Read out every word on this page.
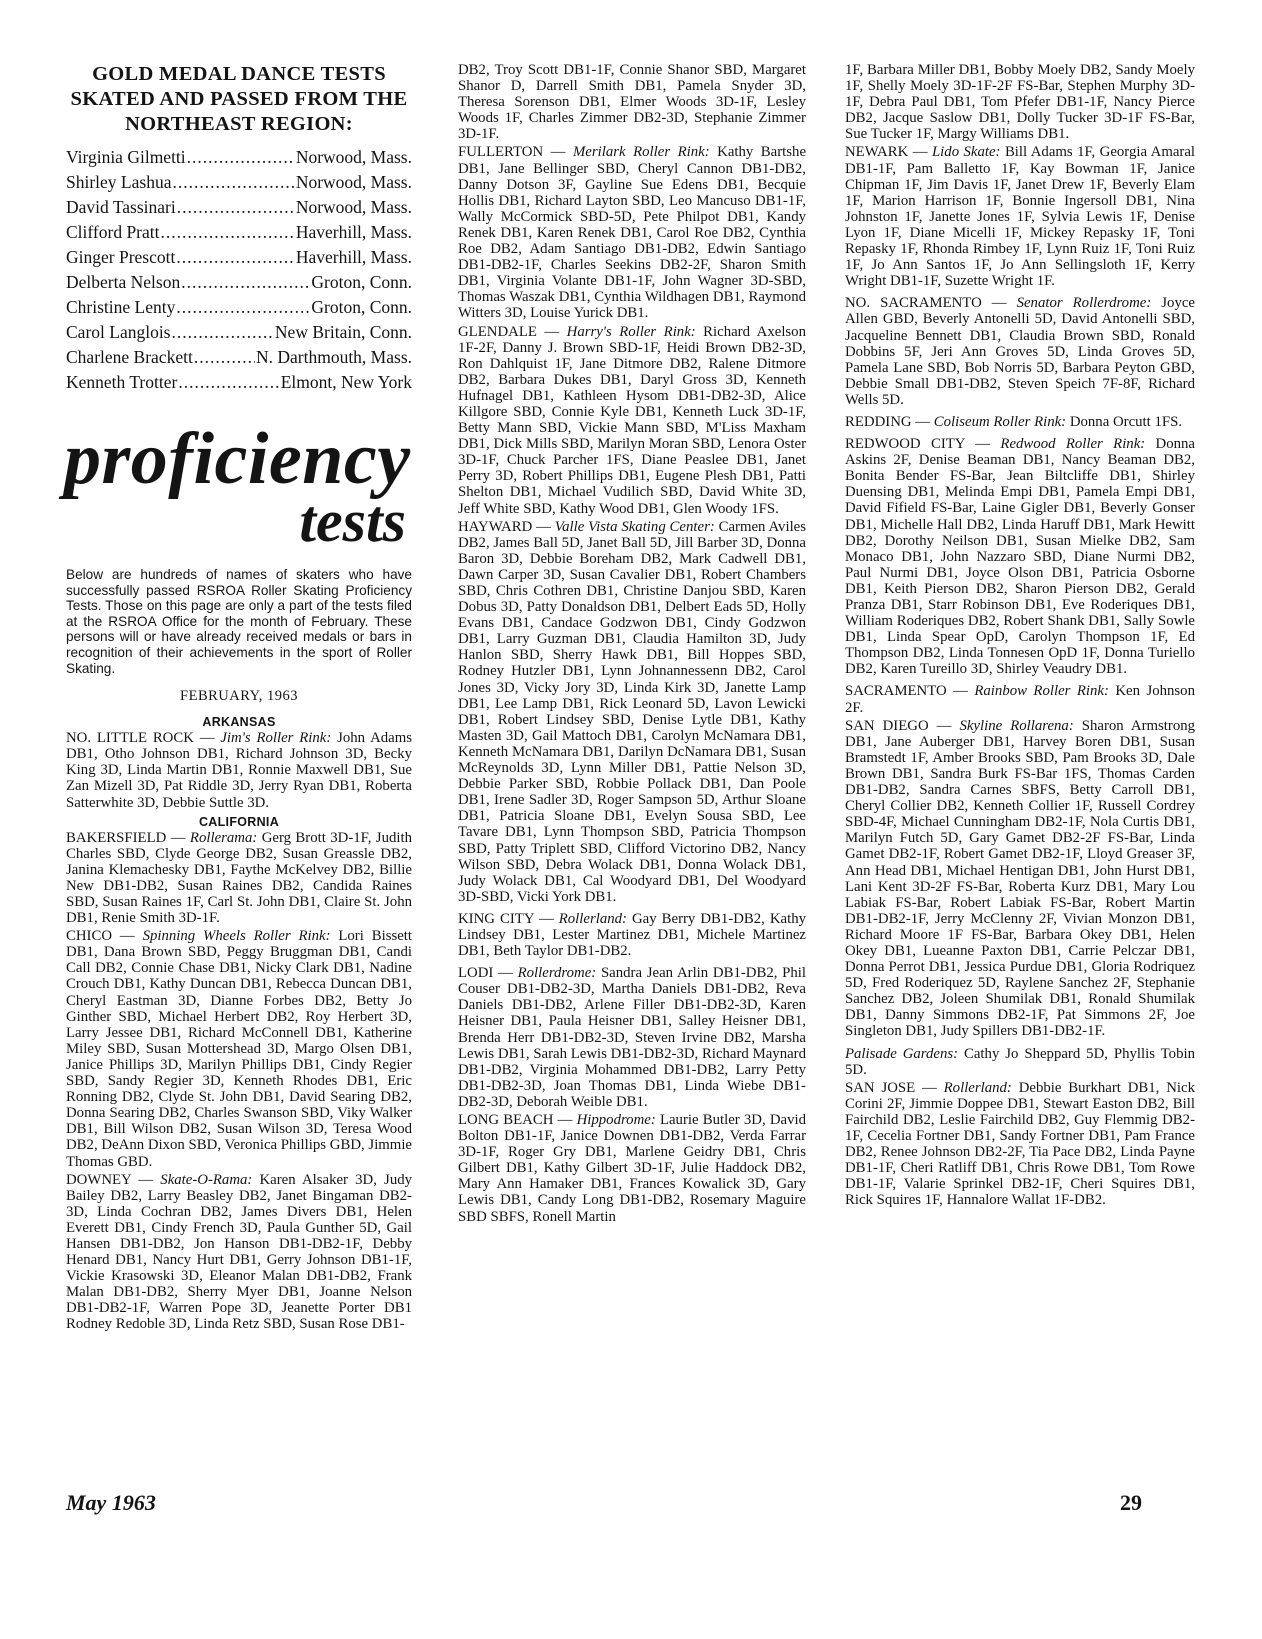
GOLD MEDAL DANCE TESTS SKATED AND PASSED FROM THE NORTHEAST REGION:
Virginia Gilmetti .....	Norwood, Mass.
Shirley Lashua .....	Norwood, Mass.
David Tassinari .....	Norwood, Mass.
Clifford Pratt .....	Haverhill, Mass.
Ginger Prescott .....	Haverhill, Mass.
Delberta Nelson .....	Groton, Conn.
Christine Lenty .....	Groton, Conn.
Carol Langlois .....	New Britain, Conn.
Charlene Brackett .....	N. Darthmouth, Mass.
Kenneth Trotter .....	Elmont, New York
proficiency
tests

Below are hundreds of names of skaters who have successfully passed RSROA Roller Skating Proficiency Tests. Those on this page are only a part of the tests filed at the RSROA Office for the month of February. These persons will or have already received medals or bars in recognition of their achievements in the sport of Roller Skating.

FEBRUARY, 1963
ARKANSAS

NO. LITTLE ROCK — Jim's Roller Rink: John Adams DB1, Otho Johnson DB1, Richard Johnson 3D, Becky King 3D, Linda Martin DB1, Ronnie Maxwell DB1, Sue Zan Mizell 3D, Pat Riddle 3D, Jerry Ryan DB1, Roberta Satterwhite 3D, Debbie Suttle 3D.

CALIFORNIA

BAKERSFIELD — Rollerama: Gerg Brott 3D-1F, Judith Charles SBD, Clyde George DB2, Susan Greassle DB2, Janina Klemachesky DB1, Faythe McKelvey DB2, Billie New DB1-DB2, Susan Raines DB2, Candida Raines SBD, Susan Raines 1F, Carl St. John DB1, Claire St. John DB1, Renie Smith 3D-1F.

CHICO — Spinning Wheels Roller Rink: Lori Bissett DB1, Dana Brown SBD, Peggy Bruggman DB1, Candi Call DB2, Connie Chase DB1, Nicky Clark DB1, Nadine Crouch DB1, Kathy Duncan DB1, Rebecca Duncan DB1, Cheryl Eastman 3D, Dianne Forbes DB2, Betty Jo Ginther SBD, Michael Herbert DB2, Roy Herbert 3D, Larry Jessee DB1, Richard McConnell DB1, Katherine Miley SBD, Susan Mottershead 3D, Margo Olsen DB1, Janice Phillips 3D, Marilyn Phillips DB1, Cindy Regier SBD, Sandy Regier 3D, Kenneth Rhodes DB1, Eric Ronning DB2, Clyde St. John DB1, David Searing DB2, Donna Searing DB2, Charles Swanson SBD, Viky Walker DB1, Bill Wilson DB2, Susan Wilson 3D, Teresa Wood DB2, DeAnn Dixon SBD, Veronica Phillips GBD, Jimmie Thomas GBD.

DOWNEY — Skate-O-Rama: Karen Alsaker 3D, Judy Bailey DB2, Larry Beasley DB2, Janet Bingaman DB2-3D, Linda Cochran DB2, James Divers DB1, Helen Everett DB1, Cindy French 3D, Paula Gunther 5D, Gail Hansen DB1-DB2, Jon Hanson DB1-DB2-1F, Debby Henard DB1, Nancy Hurt DB1, Gerry Johnson DB1-1F, Vickie Krasowski 3D, Eleanor Malan DB1-DB2, Frank Malan DB1-DB2, Sherry Myer DB1, Joanne Nelson DB1-DB2-1F, Warren Pope 3D, Jeanette Porter DB1 Rodney Redoble 3D, Linda Retz SBD, Susan Rose DB1-

DB2, Troy Scott DB1-1F, Connie Shanor SBD, Margaret Shanor D, Darrell Smith DB1, Pamela Snyder 3D, Theresa Sorenson DB1, Elmer Woods 3D-1F, Lesley Woods 1F, Charles Zimmer DB2-3D, Stephanie Zimmer 3D-1F.

FULLERTON — Merilark Roller Rink: Kathy Bartshe DB1, Jane Bellinger SBD, Cheryl Cannon DB1-DB2, Danny Dotson 3F, Gayline Sue Edens DB1, Becquie Hollis DB1, Richard Layton SBD, Leo Mancuso DB1-1F, Wally McCormick SBD-5D, Pete Philpot DB1, Kandy Renek DB1, Karen Renek DB1, Carol Roe DB2, Cynthia Roe DB2, Adam Santiago DB1-DB2, Edwin Santiago DB1-DB2-1F, Charles Seekins DB2-2F, Sharon Smith DB1, Virginia Volante DB1-1F, John Wagner 3D-SBD, Thomas Waszak DB1, Cynthia Wildhagen DB1, Raymond Witters 3D, Louise Yurick DB1.

GLENDALE — Harry's Roller Rink: Richard Axelson 1F-2F, Danny J. Brown SBD-1F, Heidi Brown DB2-3D, Ron Dahlquist 1F, Jane Ditmore DB2, Ralene Ditmore DB2, Barbara Dukes DB1, Daryl Gross 3D, Kenneth Hufnagel DB1, Kathleen Hysom DB1-DB2-3D, Alice Killgore SBD, Connie Kyle DB1, Kenneth Luck 3D-1F, Betty Mann SBD, Vickie Mann SBD, M'Liss Maxham DB1, Dick Mills SBD, Marilyn Moran SBD, Lenora Oster 3D-1F, Chuck Parcher 1FS, Diane Peaslee DB1, Janet Perry 3D, Robert Phillips DB1, Eugene Plesh DB1, Patti Shelton DB1, Michael Vudilich SBD, David White 3D, Jeff White SBD, Kathy Wood DB1, Glen Woody 1FS.

HAYWARD — Valle Vista Skating Center: Carmen Aviles DB2, James Ball 5D, Janet Ball 5D, Jill Barber 3D, Donna Baron 3D, Debbie Boreham DB2, Mark Cadwell DB1, Dawn Carper 3D, Susan Cavalier DB1, Robert Chambers SBD, Chris Cothren DB1, Christine Danjou SBD, Karen Dobus 3D, Patty Donaldson DB1, Delbert Eads 5D, Holly Evans DB1, Candace Godzwon DB1, Cindy Godzwon DB1, Larry Guzman DB1, Claudia Hamilton 3D, Judy Hanlon SBD, Sherry Hawk DB1, Bill Hoppes SBD, Rodney Hutzler DB1, Lynn Johnannessenn DB2, Carol Jones 3D, Vicky Jory 3D, Linda Kirk 3D, Janette Lamp DB1, Lee Lamp DB1, Rick Leonard 5D, Lavon Lewicki DB1, Robert Lindsey SBD, Denise Lytle DB1, Kathy Masten 3D, Gail Mattoch DB1, Carolyn McNamara DB1, Kenneth McNamara DB1, Darilyn DcNamara DB1, Susan McReynolds 3D, Lynn Miller DB1, Pattie Nelson 3D, Debbie Parker SBD, Robbie Pollack DB1, Dan Poole DB1, Irene Sadler 3D, Roger Sampson 5D, Arthur Sloane DB1, Patricia Sloane DB1, Evelyn Sousa SBD, Lee Tavare DB1, Lynn Thompson SBD, Patricia Thompson SBD, Patty Triplett SBD, Clifford Victorino DB2, Nancy Wilson SBD, Debra Wolack DB1, Donna Wolack DB1, Judy Wolack DB1, Cal Woodyard DB1, Del Woodyard 3D-SBD, Vicki York DB1.

KING CITY — Rollerland: Gay Berry DB1-DB2, Kathy Lindsey DB1, Lester Martinez DB1, Michele Martinez DB1, Beth Taylor DB1-DB2.

LODI — Rollerdrome: Sandra Jean Arlin DB1-DB2, Phil Couser DB1-DB2-3D, Martha Daniels DB1-DB2, Reva Daniels DB1-DB2, Arlene Filler DB1-DB2-3D, Karen Heisner DB1, Paula Heisner DB1, Salley Heisner DB1, Brenda Herr DB1-DB2-3D, Steven Irvine DB2, Marsha Lewis DB1, Sarah Lewis DB1-DB2-3D, Richard Maynard DB1-DB2, Virginia Mohammed DB1-DB2, Larry Petty DB1-DB2-3D, Joan Thomas DB1, Linda Wiebe DB1-DB2-3D, Deborah Weible DB1.

LONG BEACH — Hippodrome: Laurie Butler 3D, David Bolton DB1-1F, Janice Downen DB1-DB2, Verda Farrar 3D-1F, Roger Gry DB1, Marlene Geidry DB1, Chris Gilbert DB1, Kathy Gilbert 3D-1F, Julie Haddock DB2, Mary Ann Hamaker DB1, Frances Kowalick 3D, Gary Lewis DB1, Candy Long DB1-DB2, Rosemary Maguire SBD SBFS, Ronell Martin

1F, Barbara Miller DB1, Bobby Moely DB2, Sandy Moely 1F, Shelly Moely 3D-1F-2F FS-Bar, Stephen Murphy 3D-1F, Debra Paul DB1, Tom Pfefer DB1-1F, Nancy Pierce DB2, Jacque Saslow DB1, Dolly Tucker 3D-1F FS-Bar, Sue Tucker 1F, Margy Williams DB1.

NEWARK — Lido Skate: Bill Adams 1F, Georgia Amaral DB1-1F, Pam Balletto 1F, Kay Bowman 1F, Janice Chipman 1F, Jim Davis 1F, Janet Drew 1F, Beverly Elam 1F, Marion Harrison 1F, Bonnie Ingersoll DB1, Nina Johnston 1F, Janette Jones 1F, Sylvia Lewis 1F, Denise Lyon 1F, Diane Micelli 1F, Mickey Repasky 1F, Toni Repasky 1F, Rhonda Rimbey 1F, Lynn Ruiz 1F, Toni Ruiz 1F, Jo Ann Santos 1F, Jo Ann Sellingsloth 1F, Kerry Wright DB1-1F, Suzette Wright 1F.

NO. SACRAMENTO — Senator Rollerdrome: Joyce Allen GBD, Beverly Antonelli 5D, David Antonelli SBD, Jacqueline Bennett DB1, Claudia Brown SBD, Ronald Dobbins 5F, Jeri Ann Groves 5D, Linda Groves 5D, Pamela Lane SBD, Bob Norris 5D, Barbara Peyton GBD, Debbie Small DB1-DB2, Steven Speich 7F-8F, Richard Wells 5D.

REDDING — Coliseum Roller Rink: Donna Orcutt 1FS.

REDWOOD CITY — Redwood Roller Rink: Donna Askins 2F, Denise Beaman DB1, Nancy Beaman DB2, Bonita Bender FS-Bar, Jean Biltcliffe DB1, Shirley Duensing DB1, Melinda Empi DB1, Pamela Empi DB1, David Fifield FS-Bar, Laine Gigler DB1, Beverly Gonser DB1, Michelle Hall DB2, Linda Haruff DB1, Mark Hewitt DB2, Dorothy Neilson DB1, Susan Mielke DB2, Sam Monaco DB1, John Nazzaro SBD, Diane Nurmi DB2, Paul Nurmi DB1, Joyce Olson DB1, Patricia Osborne DB1, Keith Pierson DB2, Sharon Pierson DB2, Gerald Pranza DB1, Starr Robinson DB1, Eve Roderiques DB1, William Roderiques DB2, Robert Shank DB1, Sally Sowle DB1, Linda Spear OpD, Carolyn Thompson 1F, Ed Thompson DB2, Linda Tonnesen OpD 1F, Donna Turiello DB2, Karen Tureillo 3D, Shirley Veaudry DB1.

SACRAMENTO — Rainbow Roller Rink: Ken Johnson 2F.

SAN DIEGO — Skyline Rollarena: Sharon Armstrong DB1, Jane Auberger DB1, Harvey Boren DB1, Susan Bramstedt 1F, Amber Brooks SBD, Pam Brooks 3D, Dale Brown DB1, Sandra Burk FS-Bar 1FS, Thomas Carden DB1-DB2, Sandra Carnes SBFS, Betty Carroll DB1, Cheryl Collier DB2, Kenneth Collier 1F, Russell Cordrey SBD-4F, Michael Cunningham DB2-1F, Nola Curtis DB1, Marilyn Futch 5D, Gary Gamet DB2-2F FS-Bar, Linda Gamet DB2-1F, Robert Gamet DB2-1F, Lloyd Greaser 3F, Ann Head DB1, Michael Hentigan DB1, John Hurst DB1, Lani Kent 3D-2F FS-Bar, Roberta Kurz DB1, Mary Lou Labiak FS-Bar, Robert Labiak FS-Bar, Robert Martin DB1-DB2-1F, Jerry McClenny 2F, Vivian Monzon DB1, Richard Moore 1F FS-Bar, Barbara Okey DB1, Helen Okey DB1, Lueanne Paxton DB1, Carrie Pelczar DB1, Donna Perrot DB1, Jessica Purdue DB1, Gloria Rodriquez 5D, Fred Roderiquez 5D, Raylene Sanchez 2F, Stephanie Sanchez DB2, Joleen Shumilak DB1, Ronald Shumilak DB1, Danny Simmons DB2-1F, Pat Simmons 2F, Joe Singleton DB1, Judy Spillers DB1-DB2-1F.

Palisade Gardens: Cathy Jo Sheppard 5D, Phyllis Tobin 5D.

SAN JOSE — Rollerland: Debbie Burkhart DB1, Nick Corini 2F, Jimmie Doppee DB1, Stewart Easton DB2, Bill Fairchild DB2, Leslie Fairchild DB2, Guy Flemmig DB2-1F, Cecelia Fortner DB1, Sandy Fortner DB1, Pam France DB2, Renee Johnson DB2-2F, Tia Pace DB2, Linda Payne DB1-1F, Cheri Ratliff DB1, Chris Rowe DB1, Tom Rowe DB1-1F, Valarie Sprinkel DB2-1F, Cheri Squires DB1, Rick Squires 1F, Hannalore Wallat 1F-DB2.

May 1963	29
